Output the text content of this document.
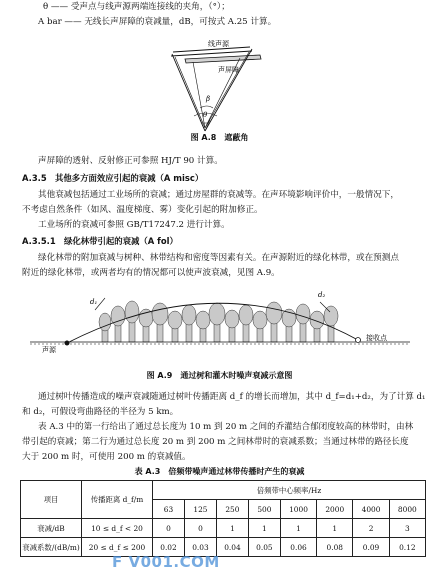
θ —— 受声点与线声源两端连接线的夹角，（°）；
A bar —— 无线长声屏障的衰减量，dB，可按式 A.25 计算。
线声源
声屏障
β
θ
图 A.8　遮蔽角
声屏障的透射、反射修正可参照 HJ/T 90 计算。
A.3.5　其他多方面效应引起的衰减（A misc）
其他衰减包括通过工业场所的衰减；通过房屋群的衰减等。在声环境影响评价中，一般情况下，
不考虑自然条件（如风、温度梯度、雾）变化引起的附加修正。
工业场所的衰减可参照 GB/T17247.2 进行计算。
A.3.5.1　绿化林带引起的衰减（A fol）
绿化林带的附加衰减与树种、林带结构和密度等因素有关。在声源附近的绿化林带，或在预测点
附近的绿化林带，或两者均有的情况都可以使声波衰减，见图 A.9。
d₁
d₂
声源
接收点
图 A.9　通过树和灌木时噪声衰减示意图
通过树叶传播造成的噪声衰减随通过树叶传播距离 d_f 的增长而增加，其中 d_f=d₁+d₂，为了计算 d₁
和 d₂，可假设弯曲路径的半径为 5 km。
表 A.3 中的第一行给出了通过总长度为 10 m 到 20 m 之间的乔灌结合郁闭度较高的林带时，由林
带引起的衰减；第二行为通过总长度 20 m 到 200 m 之间林带时的衰减系数；当通过林带的路径长度
大于 200 m 时，可使用 200 m 的衰减值。
表 A.3　倍频带噪声通过林带传播时产生的衰减
项目	传播距离 d_f/m	倍频带中心频率/Hz							
		63	125	250	500	1000	2000	4000	8000
衰减/dB	10 ≤ d_f < 20	0	0	1	1	1	1	2	3
衰减系数/(dB/m)	20 ≤ d_f ≤ 200	0.02	0.03	0.04	0.05	0.06	0.08	0.09	0.12
F V001.COM
